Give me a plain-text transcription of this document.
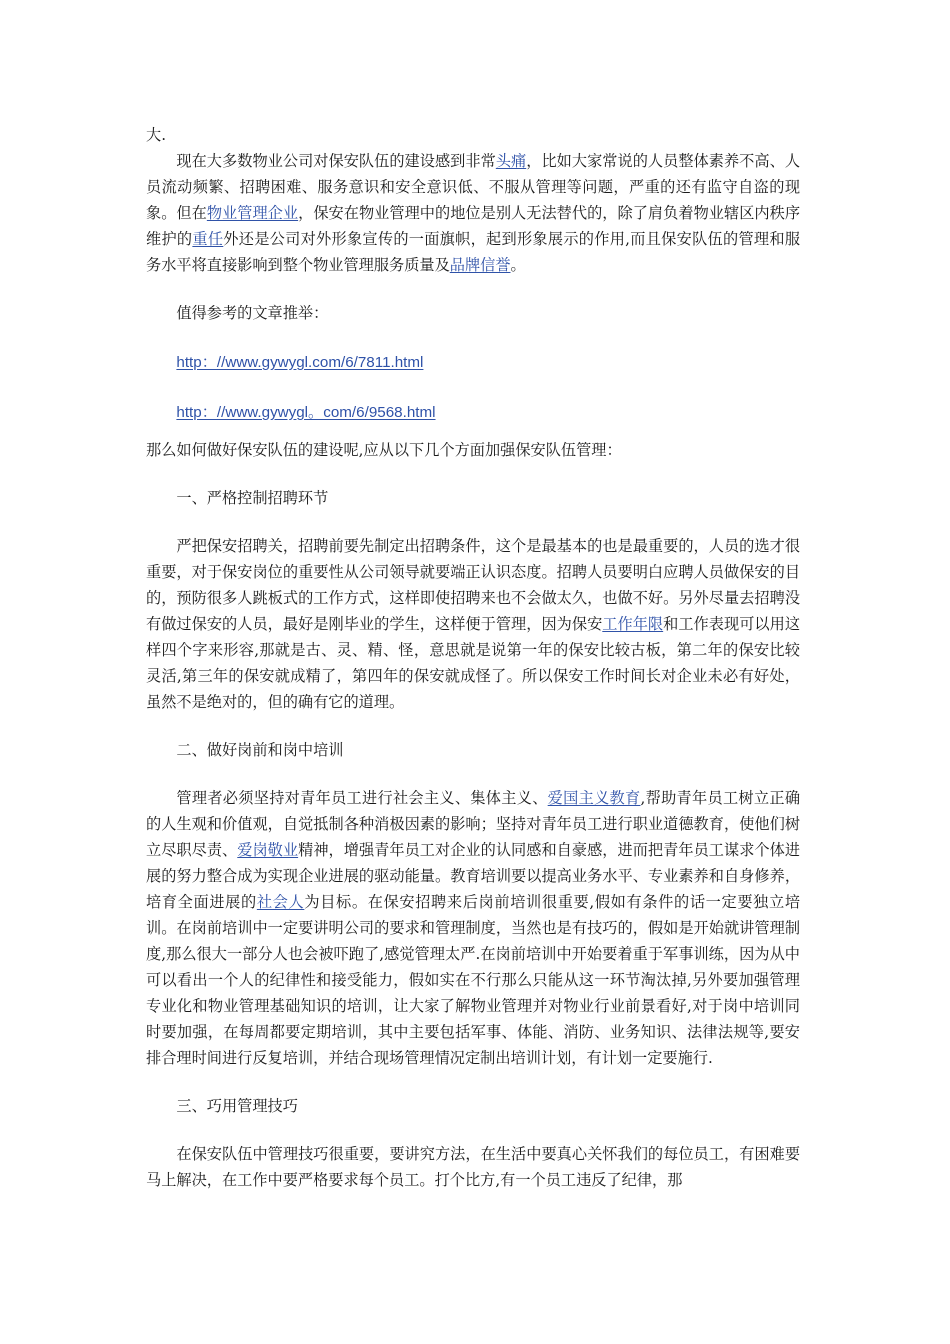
大.

现在大多数物业公司对保安队伍的建设感到非常头痛，比如大家常说的人员整体素养不高、人员流动频繁、招聘困难、服务意识和安全意识低、不服从管理等问题，严重的还有监守自盗的现象。但在物业管理企业，保安在物业管理中的地位是别人无法替代的，除了肩负着物业辖区内秩序维护的重任外还是公司对外形象宣传的一面旗帜，起到形象展示的作用,而且保安队伍的管理和服务水平将直接影响到整个物业管理服务质量及品牌信誉。

值得参考的文章推举：

http：//www.gywygl.com/6/7811.html

http：//www.gywygl。com/6/9568.html

那么如何做好保安队伍的建设呢,应从以下几个方面加强保安队伍管理：

一、严格控制招聘环节

严把保安招聘关，招聘前要先制定出招聘条件，这个是最基本的也是最重要的，人员的选才很重要，对于保安岗位的重要性从公司领导就要端正认识态度。招聘人员要明白应聘人员做保安的目的，预防很多人跳板式的工作方式，这样即使招聘来也不会做太久，也做不好。另外尽量去招聘没有做过保安的人员，最好是刚毕业的学生，这样便于管理，因为保安工作年限和工作表现可以用这样四个字来形容,那就是古、灵、精、怪，意思就是说第一年的保安比较古板，第二年的保安比较灵活,第三年的保安就成精了，第四年的保安就成怪了。所以保安工作时间长对企业未必有好处，虽然不是绝对的，但的确有它的道理。

二、做好岗前和岗中培训

管理者必须坚持对青年员工进行社会主义、集体主义、爱国主义教育,帮助青年员工树立正确的人生观和价值观，自觉抵制各种消极因素的影响；坚持对青年员工进行职业道德教育，使他们树立尽职尽责、爱岗敬业精神，增强青年员工对企业的认同感和自豪感，进而把青年员工谋求个体进展的努力整合成为实现企业进展的驱动能量。教育培训要以提高业务水平、专业素养和自身修养，培育全面进展的社会人为目标。在保安招聘来后岗前培训很重要,假如有条件的话一定要独立培训。在岗前培训中一定要讲明公司的要求和管理制度，当然也是有技巧的，假如是开始就讲管理制度,那么很大一部分人也会被吓跑了,感觉管理太严.在岗前培训中开始要着重于军事训练，因为从中可以看出一个人的纪律性和接受能力，假如实在不行那么只能从这一环节淘汰掉,另外要加强管理专业化和物业管理基础知识的培训，让大家了解物业管理并对物业行业前景看好,对于岗中培训同时要加强，在每周都要定期培训，其中主要包括军事、体能、消防、业务知识、法律法规等,要安排合理时间进行反复培训，并结合现场管理情况定制出培训计划，有计划一定要施行.

三、巧用管理技巧

在保安队伍中管理技巧很重要，要讲究方法，在生活中要真心关怀我们的每位员工，有困难要马上解决，在工作中要严格要求每个员工。打个比方,有一个员工违反了纪律，那
